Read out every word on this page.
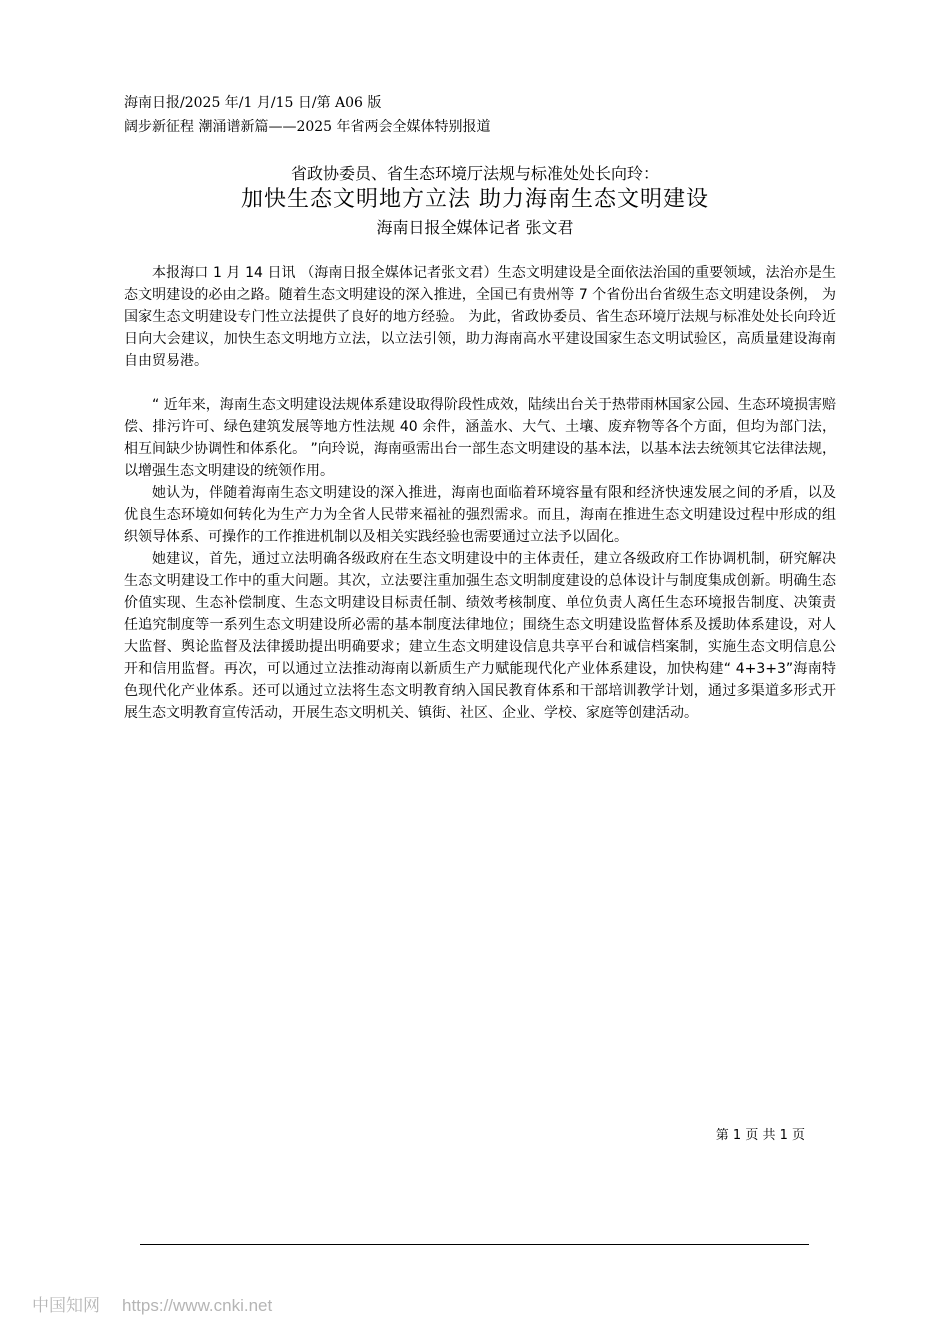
海南日报/2025 年/1 月/15 日/第 A06 版
阔步新征程 潮涌谱新篇——2025 年省两会全媒体特别报道
省政协委员、省生态环境厅法规与标准处处长向玲：
加快生态文明地方立法 助力海南生态文明建设
海南日报全媒体记者 张文君

本报海口 1 月 14 日讯 （海南日报全媒体记者张文君）生态文明建设是全面依法治国的重要领域，法治亦是生态文明建设的必由之路。随着生态文明建设的深入推进，全国已有贵州等 7 个省份出台省级生态文明建设条例， 为国家生态文明建设专门性立法提供了良好的地方经验。 为此，省政协委员、省生态环境厅法规与标准处处长向玲近日向大会建议，加快生态文明地方立法，以立法引领，助力海南高水平建设国家生态文明试验区，高质量建设海南自由贸易港。

“ 近年来，海南生态文明建设法规体系建设取得阶段性成效，陆续出台关于热带雨林国家公园、生态环境损害赔偿、排污许可、绿色建筑发展等地方性法规 40 余件，涵盖水、大气、土壤、废弃物等各个方面，但均为部门法，相互间缺少协调性和体系化。 ”向玲说，海南亟需出台一部生态文明建设的基本法，以基本法去统领其它法律法规，以增强生态文明建设的统领作用。

她认为，伴随着海南生态文明建设的深入推进，海南也面临着环境容量有限和经济快速发展之间的矛盾，以及优良生态环境如何转化为生产力为全省人民带来福祉的强烈需求。而且，海南在推进生态文明建设过程中形成的组织领导体系、可操作的工作推进机制以及相关实践经验也需要通过立法予以固化。

她建议，首先，通过立法明确各级政府在生态文明建设中的主体责任，建立各级政府工作协调机制，研究解决生态文明建设工作中的重大问题。其次，立法要注重加强生态文明制度建设的总体设计与制度集成创新。明确生态价值实现、生态补偿制度、生态文明建设目标责任制、绩效考核制度、单位负责人离任生态环境报告制度、决策责任追究制度等一系列生态文明建设所必需的基本制度法律地位；围绕生态文明建设监督体系及援助体系建设，对人大监督、舆论监督及法律援助提出明确要求；建立生态文明建设信息共享平台和诚信档案制，实施生态文明信息公开和信用监督。再次，可以通过立法推动海南以新质生产力赋能现代化产业体系建设，加快构建“ 4+3+3”海南特色现代化产业体系。还可以通过立法将生态文明教育纳入国民教育体系和干部培训教学计划，通过多渠道多形式开展生态文明教育宣传活动，开展生态文明机关、镇街、社区、企业、学校、家庭等创建活动。

第 1 页 共 1 页
中国知网 https://www.cnki.net
